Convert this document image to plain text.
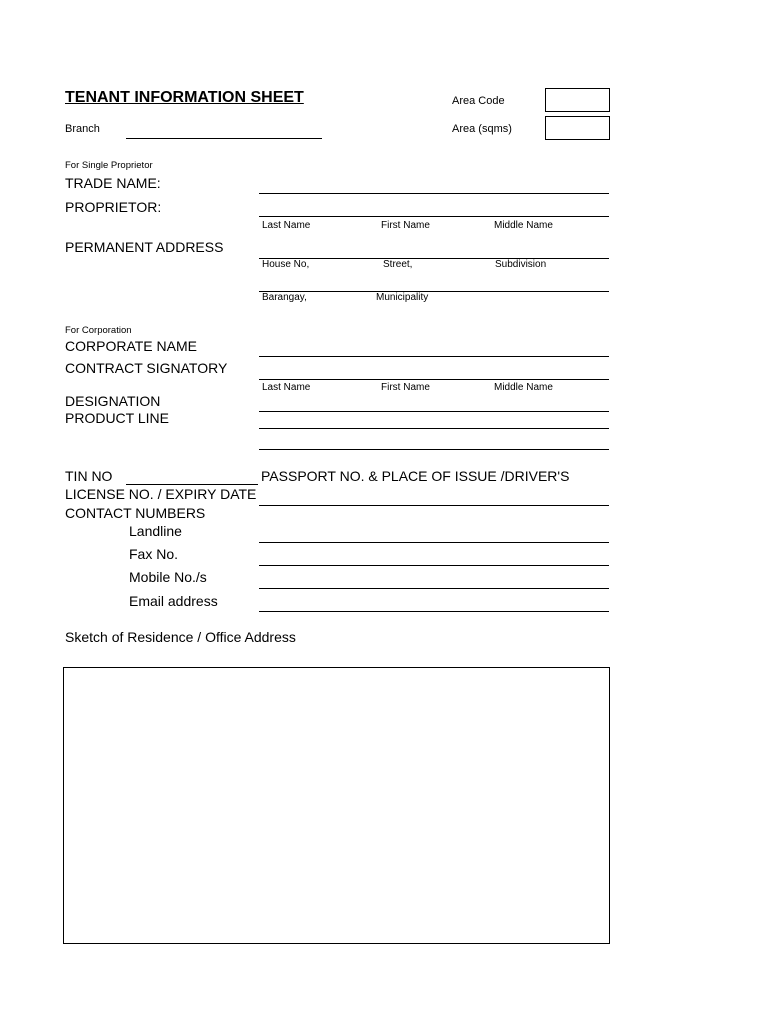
TENANT INFORMATION SHEET	Area Code
Area (sqms)
Branch
For Single Proprietor
TRADE NAME:
PROPRIETOR:
Last Name	First Name	Middle Name
PERMANENT ADDRESS
House No,	Street,	Subdivision
Barangay,	Municipality
For Corporation
CORPORATE NAME
CONTRACT SIGNATORY
Last Name	First Name	Middle Name
DESIGNATION
PRODUCT LINE
TIN NO	PASSPORT NO. & PLACE OF ISSUE /DRIVER'S
LICENSE NO. / EXPIRY DATE
CONTACT NUMBERS
Landline
Fax No.
Mobile No./s
Email address
Sketch of Residence / Office Address
